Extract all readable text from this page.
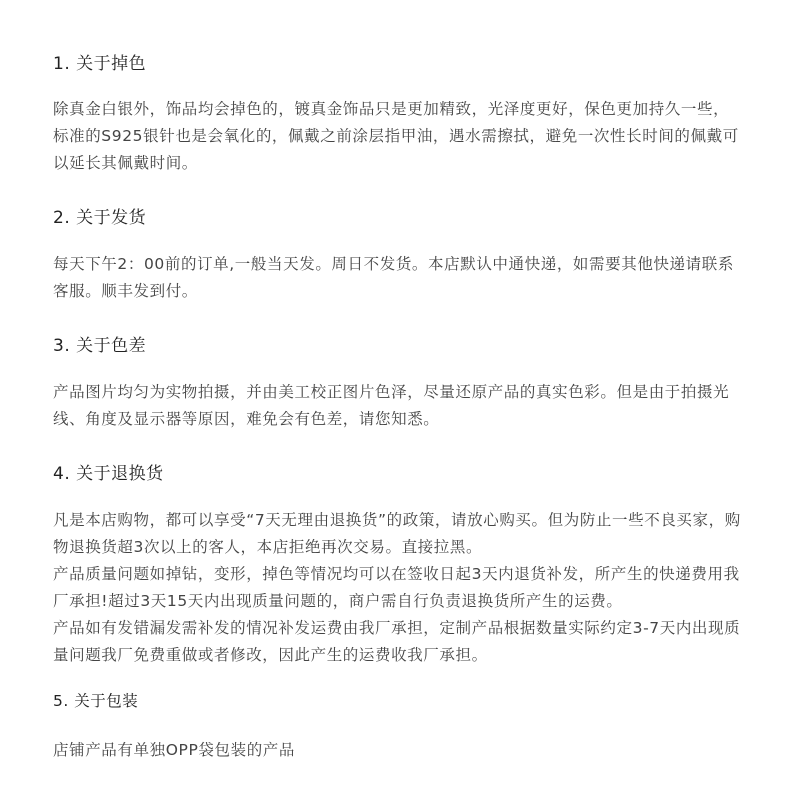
1. 关于掉色

除真金白银外，饰品均会掉色的，镀真金饰品只是更加精致，光泽度更好，保色更加持久一些，标准的S925银针也是会氧化的，佩戴之前涂层指甲油，遇水需擦拭，避免一次性长时间的佩戴可以延长其佩戴时间。

2. 关于发货

每天下午2：00前的订单,一般当天发。周日不发货。本店默认中通快递，如需要其他快递请联系客服。顺丰发到付。

3. 关于色差

产品图片均匀为实物拍摄，并由美工校正图片色泽，尽量还原产品的真实色彩。但是由于拍摄光线、角度及显示器等原因，难免会有色差，请您知悉。

4. 关于退换货

凡是本店购物，都可以享受“7天无理由退换货”的政策，请放心购买。但为防止一些不良买家，购物退换货超3次以上的客人，本店拒绝再次交易。直接拉黑。

产品质量问题如掉钻，变形，掉色等情况均可以在签收日起3天内退货补发，所产生的快递费用我厂承担!超过3天15天内出现质量问题的，商户需自行负责退换货所产生的运费。

产品如有发错漏发需补发的情况补发运费由我厂承担，定制产品根据数量实际约定3-7天内出现质量问题我厂免费重做或者修改，因此产生的运费收我厂承担。

5. 关于包装

店铺产品有单独OPP袋包装的产品
